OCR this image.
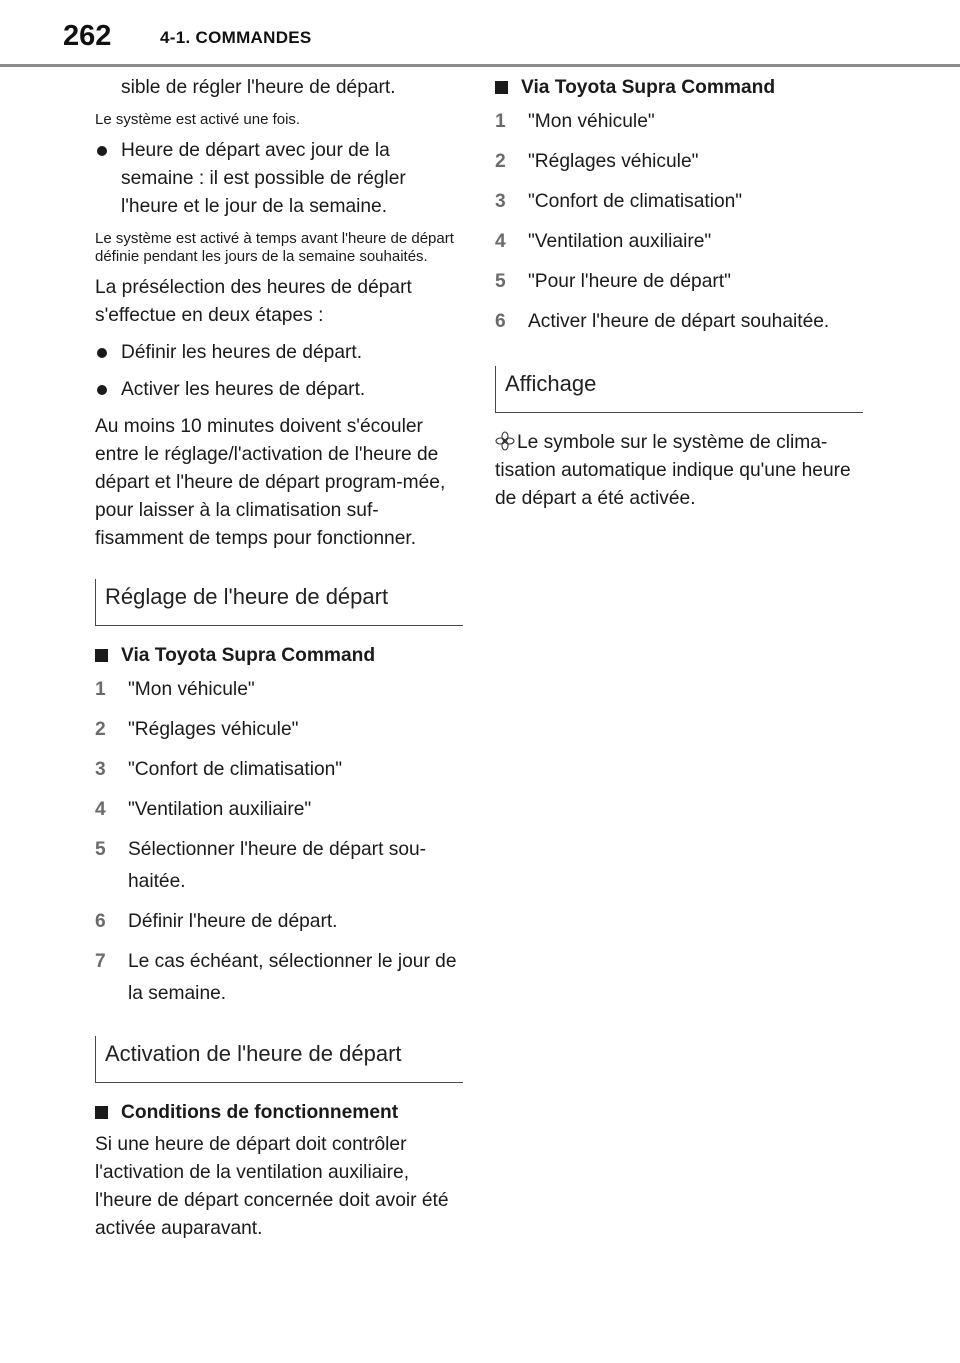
262	4-1. COMMANDES

sible de régler l'heure de départ.

Le système est activé une fois.

Heure de départ avec jour de la semaine : il est possible de régler l'heure et le jour de la semaine.

Le système est activé à temps avant l'heure de départ définie pendant les jours de la semaine souhaités.

La présélection des heures de départ s'effectue en deux étapes :

Définir les heures de départ.
Activer les heures de départ.

Au moins 10 minutes doivent s'écouler entre le réglage/l'activation de l'heure de départ et l'heure de départ program-mée, pour laisser à la climatisation suf-fisamment de temps pour fonctionner.

Réglage de l'heure de départ
Via Toyota Supra Command
1 "Mon véhicule"
2 "Réglages véhicule"
3 "Confort de climatisation"
4 "Ventilation auxiliaire"
5 Sélectionner l'heure de départ sou-haitée.
6 Définir l'heure de départ.
7 Le cas échéant, sélectionner le jour de la semaine.
Activation de l'heure de départ
Conditions de fonctionnement

Si une heure de départ doit contrôler l'activation de la ventilation auxiliaire, l'heure de départ concernée doit avoir été activée auparavant.

Via Toyota Supra Command
1 "Mon véhicule"
2 "Réglages véhicule"
3 "Confort de climatisation"
4 "Ventilation auxiliaire"
5 "Pour l'heure de départ"
6 Activer l'heure de départ souhaitée.
Affichage

Le symbole sur le système de clima-tisation automatique indique qu'une heure de départ a été activée.
